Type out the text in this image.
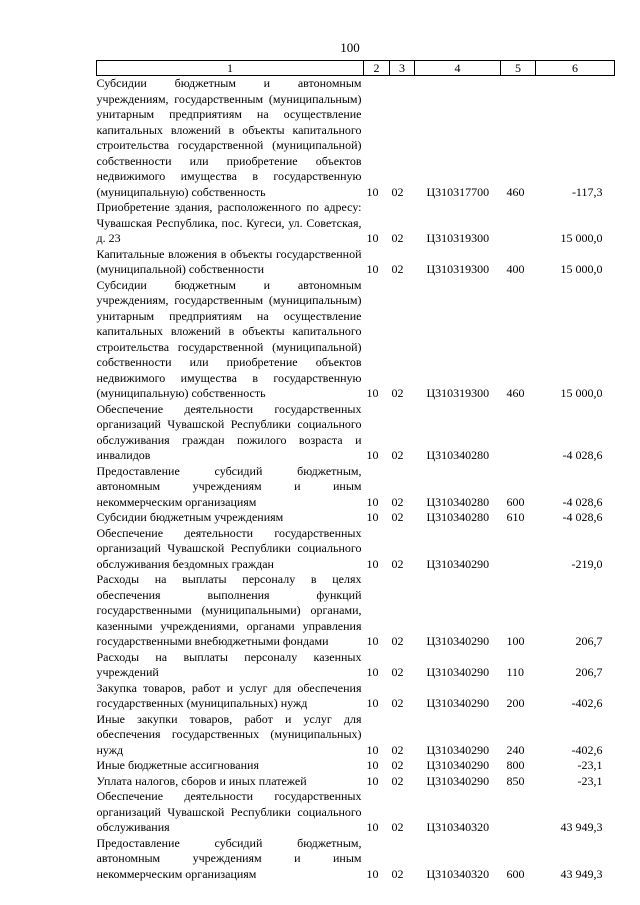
100
1	2	3	4	5	6
Субсидии бюджетным и автономным учреждениям, государственным (муниципальным) унитарным предприятиям на осуществление капитальных вложений в объекты капитального строительства государственной (муниципальной) собственности или приобретение объектов недвижимого имущества в государственную (муниципальную) собственность	10	02	Ц310317700	460	-117,3
Приобретение здания, расположенного по адресу: Чувашская Республика, пос. Кугеси, ул. Советская, д. 23	10	02	Ц310319300		15 000,0
Капитальные вложения в объекты государственной (муниципальной) собственности	10	02	Ц310319300	400	15 000,0
Субсидии бюджетным и автономным учреждениям, государственным (муниципальным) унитарным предприятиям на осуществление капитальных вложений в объекты капитального строительства государственной (муниципальной) собственности или приобретение объектов недвижимого имущества в государственную (муниципальную) собственность	10	02	Ц310319300	460	15 000,0
Обеспечение деятельности государственных организаций Чувашской Республики социального обслуживания граждан пожилого возраста и инвалидов	10	02	Ц310340280		-4 028,6
Предоставление субсидий бюджетным, автономным учреждениям и иным некоммерческим организациям	10	02	Ц310340280	600	-4 028,6
Субсидии бюджетным учреждениям	10	02	Ц310340280	610	-4 028,6
Обеспечение деятельности государственных организаций Чувашской Республики социального обслуживания бездомных граждан	10	02	Ц310340290		-219,0
Расходы на выплаты персоналу в целях обеспечения выполнения функций государственными (муниципальными) органами, казенными учреждениями, органами управления государственными внебюджетными фондами	10	02	Ц310340290	100	206,7
Расходы на выплаты персоналу казенных учреждений	10	02	Ц310340290	110	206,7
Закупка товаров, работ и услуг для обеспечения государственных (муниципальных) нужд	10	02	Ц310340290	200	-402,6
Иные закупки товаров, работ и услуг для обеспечения государственных (муниципальных) нужд	10	02	Ц310340290	240	-402,6
Иные бюджетные ассигнования	10	02	Ц310340290	800	-23,1
Уплата налогов, сборов и иных платежей	10	02	Ц310340290	850	-23,1
Обеспечение деятельности государственных организаций Чувашской Республики социального обслуживания	10	02	Ц310340320		43 949,3
Предоставление субсидий бюджетным, автономным учреждениям и иным некоммерческим организациям	10	02	Ц310340320	600	43 949,3
